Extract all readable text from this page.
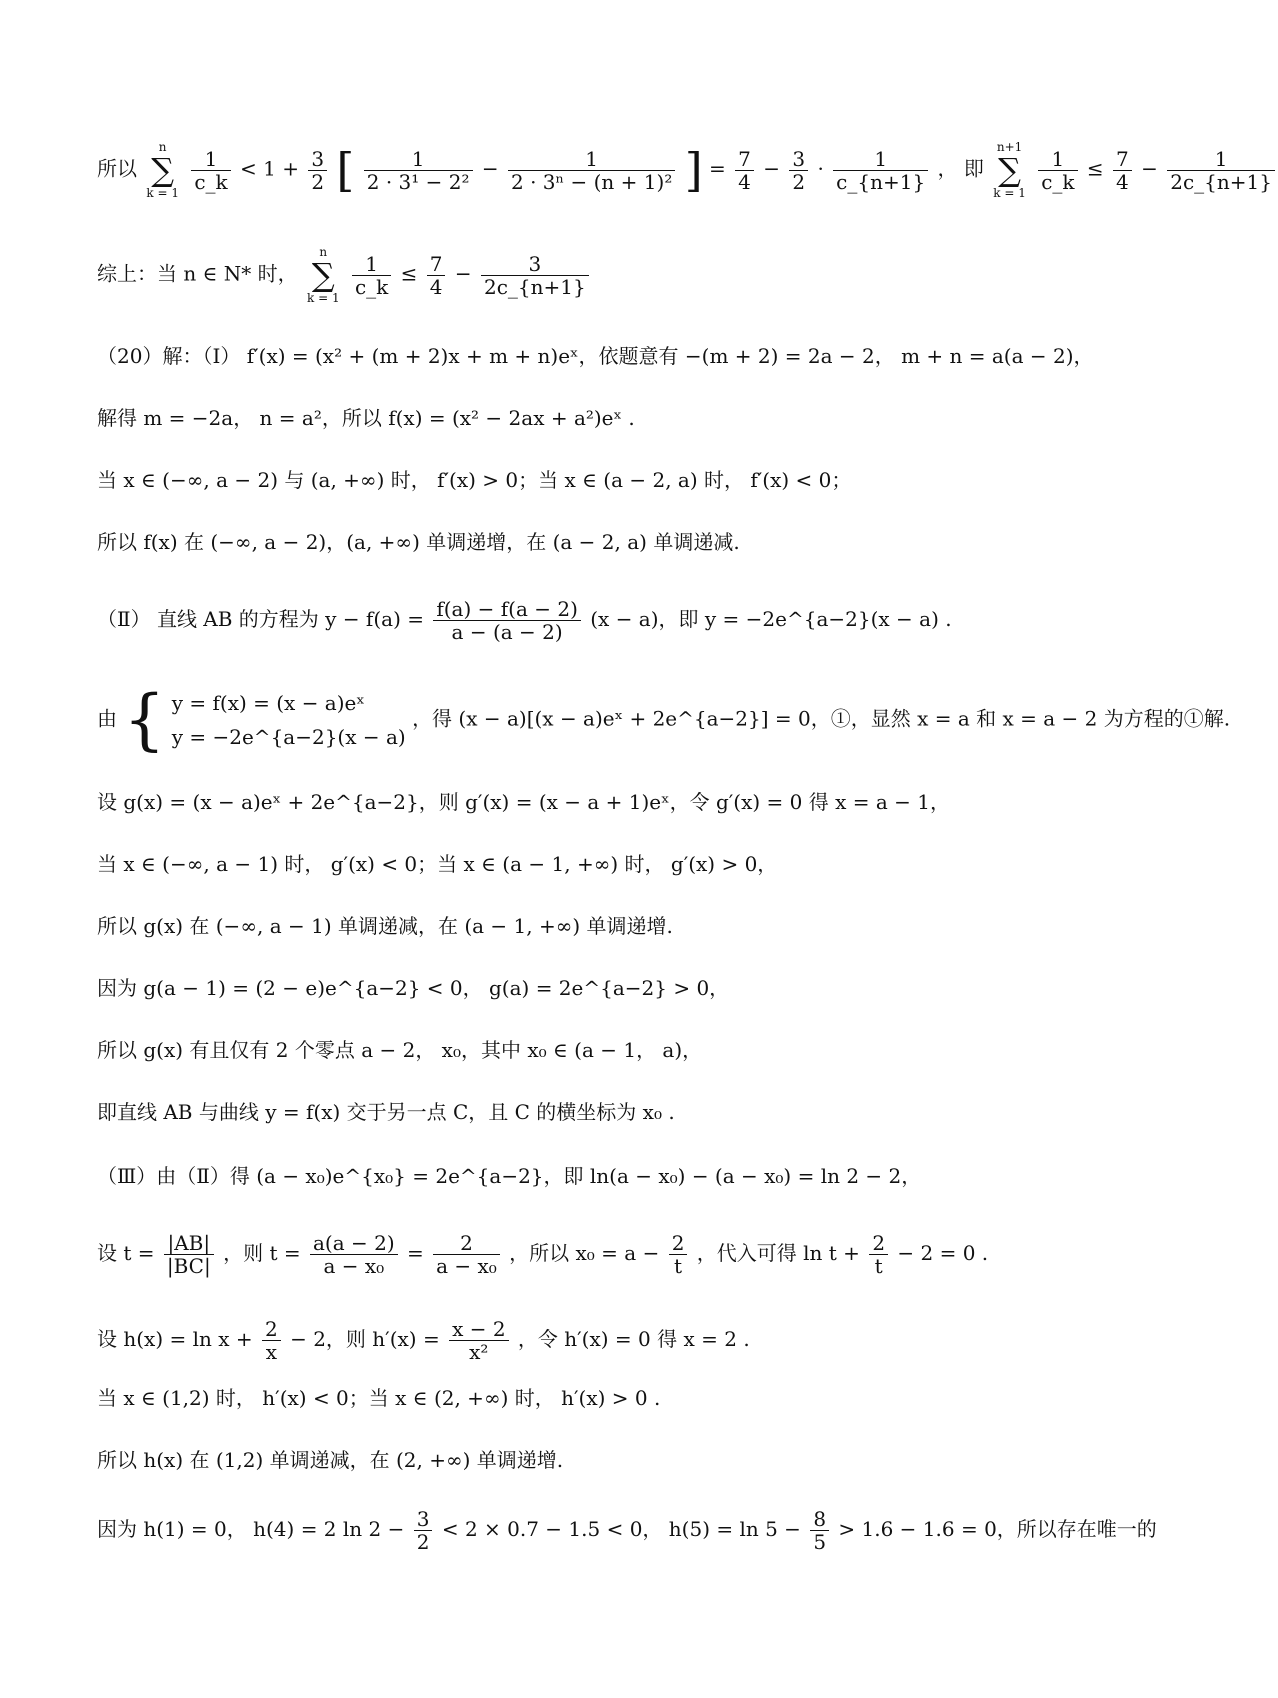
所以
n
∑
k = 1

$\frac{1}{c\_k} < 1 + \frac{3}{2}$ [ $\frac{1}{\text{2 · 3¹ − 2²}} - \frac{1}{\text{2 · 3ⁿ − (n + 1)²}}$ ] = $\frac{7}{4} - \frac{3}{2} \cdot \frac{1}{c\_\{n+1\}}$ ， 即
n+1
∑
k = 1

$\frac{1}{c\_k} \le \frac{7}{4} - \frac{1}{2c\_\{n+1\}}$
综上：当 n ∈ N* 时，
n
∑
k = 1

$\frac{1}{c\_k} \le \frac{7}{4} - \frac{3}{2c\_\{n+1\}}$
（20）解：（Ⅰ） f′(x) = (x² + (m + 2)x + m + n)eˣ，依题意有 −(m + 2) = 2a − 2， m + n = a(a − 2)，
解得 m = −2a， n = a²，所以 f(x) = (x² − 2ax + a²)eˣ .
当 x ∈ (−∞, a − 2) 与 (a, +∞) 时， f′(x) > 0；当 x ∈ (a − 2, a) 时， f′(x) < 0；
所以 f(x) 在 (−∞, a − 2)，(a, +∞) 单调递增，在 (a − 2, a) 单调递减.
（Ⅱ） 直线 AB 的方程为 $y - f(a) = \frac{f(a) - f(a - 2)}{a - (a - 2)} (x - a)$，即 y = −2e^{a−2}(x − a) .
由 { y = f(x) = (x − a)eˣ
y = −2e^{a−2}(x − a)
，得 (x − a)[(x − a)eˣ + 2e^{a−2}] = 0，①，显然 x = a 和 x = a − 2 为方程的①解.
设 g(x) = (x − a)eˣ + 2e^{a−2}，则 g′(x) = (x − a + 1)eˣ，令 g′(x) = 0 得 x = a − 1，
当 x ∈ (−∞, a − 1) 时， g′(x) < 0；当 x ∈ (a − 1, +∞) 时， g′(x) > 0，
所以 g(x) 在 (−∞, a − 1) 单调递减，在 (a − 1, +∞) 单调递增.
因为 g(a − 1) = (2 − e)e^{a−2} < 0， g(a) = 2e^{a−2} > 0，
所以 g(x) 有且仅有 2 个零点 a − 2， x₀，其中 x₀ ∈ (a − 1， a)，
即直线 AB 与曲线 y = f(x) 交于另一点 C，且 C 的横坐标为 x₀ .
（Ⅲ）由（Ⅱ）得 (a − x₀)e^{x₀} = 2e^{a−2}，即 ln(a − x₀) − (a − x₀) = ln 2 − 2，
设 $t = \frac{|AB|}{|BC|}$ ，则 $t = \frac{a(a - 2)}{\text{a − x₀}} = \frac{2}{\text{a − x₀}}$ ，所以 $x_0 = a - \frac{2}{t}$ ，代入可得 $\ln t + \frac{2}{t} - 2 = 0$ .
设 $h(x) = \ln x + \frac{2}{x} - 2$，则 $h'(x) = \frac{x - 2}{\text{x²}}$ ，令 h′(x) = 0 得 x = 2 .
当 x ∈ (1,2) 时， h′(x) < 0；当 x ∈ (2, +∞) 时， h′(x) > 0 .
所以 h(x) 在 (1,2) 单调递减，在 (2, +∞) 单调递增.
因为 h(1) = 0， h(4) = 2 $\ln 2 - \frac{3}{2} < 2 \times 0.7 - 1.5 < 0$， $h(5) = \ln 5 - \frac{8}{5} > 1.6 - 1.6 = 0$，所以存在唯一的
